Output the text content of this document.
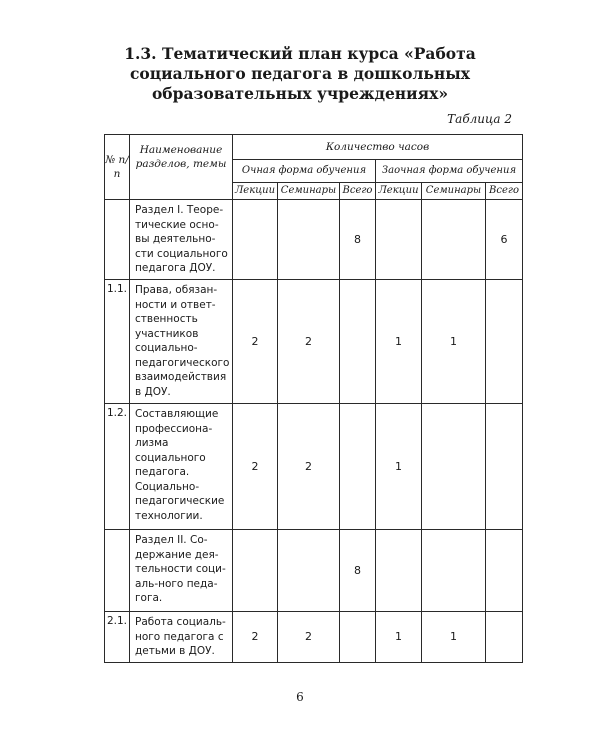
1.3. Тематический план курса «Работа
социального педагога в дошкольных
образовательных учреждениях»
Таблица 2
№ п/п	Наименование разделов, темы	Количество часов					
		Очная форма обучения			Заочная форма обучения		
		Лекции	Семинары	Всего	Лекции	Семинары	Всего
	Раздел I. Теоре-тические осно-вы деятельно-сти социального педагога ДОУ.			8			6
1.1.	Права, обязан-ности и ответ-ственность участников социально-педагогического взаимодействия в ДОУ.	2	2		1	1	
1.2.	Составляющие профессиона-лизма социального педагога. Социально-педагогические технологии.	2	2		1		
	Раздел II. Со-держание дея-тельности соци-аль-ного педа-гога.			8			
2.1.	Работа социаль-ного педагога с детьми в ДОУ.	2	2		1	1	
6
